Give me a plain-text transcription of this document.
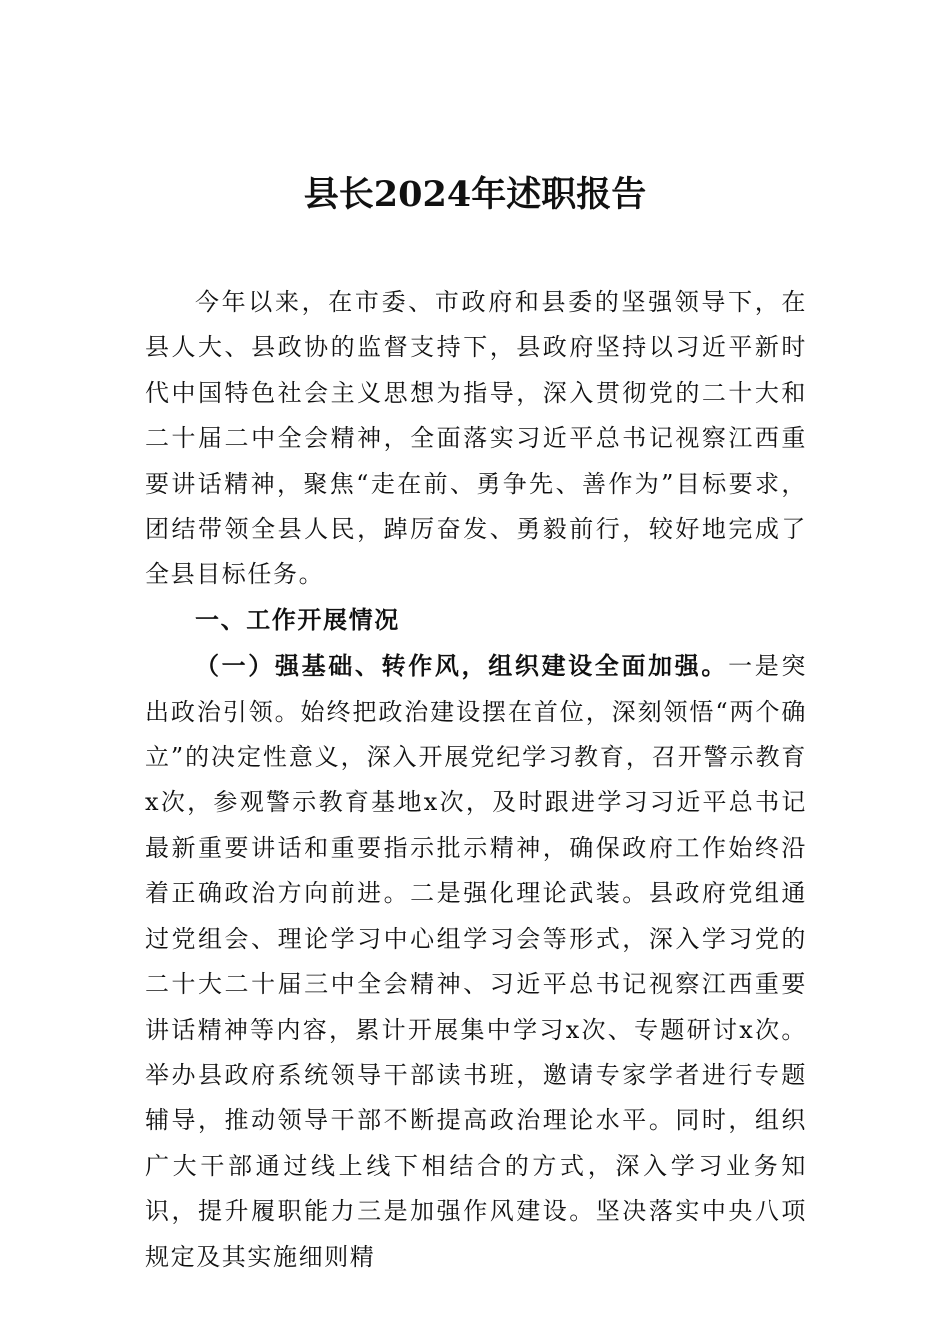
县长2024年述职报告

今年以来，在市委、市政府和县委的坚强领导下，在县人大、县政协的监督支持下，县政府坚持以习近平新时代中国特色社会主义思想为指导，深入贯彻党的二十大和二十届二中全会精神，全面落实习近平总书记视察江西重要讲话精神，聚焦“走在前、勇争先、善作为”目标要求，团结带领全县人民，踔厉奋发、勇毅前行，较好地完成了全县目标任务。

一、工作开展情况

（一）强基础、转作风，组织建设全面加强。一是突出政治引领。始终把政治建设摆在首位，深刻领悟“两个确立”的决定性意义，深入开展党纪学习教育，召开警示教育x次，参观警示教育基地x次，及时跟进学习习近平总书记最新重要讲话和重要指示批示精神，确保政府工作始终沿着正确政治方向前进。二是强化理论武装。县政府党组通过党组会、理论学习中心组学习会等形式，深入学习党的二十大二十届三中全会精神、习近平总书记视察江西重要讲话精神等内容，累计开展集中学习x次、专题研讨x次。举办县政府系统领导干部读书班，邀请专家学者进行专题辅导，推动领导干部不断提高政治理论水平。同时，组织广大干部通过线上线下相结合的方式，深入学习业务知识，提升履职能力三是加强作风建设。坚决落实中央八项规定及其实施细则精
